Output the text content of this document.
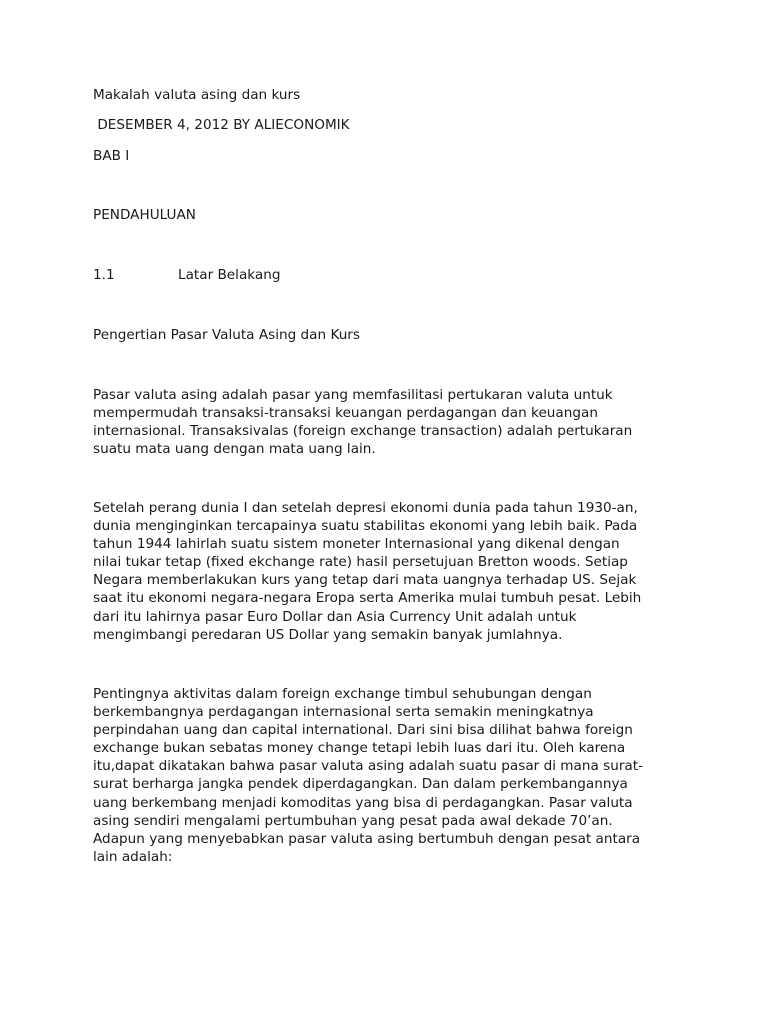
Makalah valuta asing dan kurs
DESEMBER 4, 2012 BY ALIECONOMIK
BAB I
PENDAHULUAN
1.1	Latar Belakang
Pengertian Pasar Valuta Asing dan Kurs
Pasar valuta asing adalah pasar yang memfasilitasi pertukaran valuta untuk
mempermudah transaksi-transaksi keuangan perdagangan dan keuangan
internasional. Transaksivalas (foreign exchange transaction) adalah pertukaran
suatu mata uang dengan mata uang lain.
Setelah perang dunia I dan setelah depresi ekonomi dunia pada tahun 1930-an,
dunia menginginkan tercapainya suatu stabilitas ekonomi yang lebih baik. Pada
tahun 1944 lahirlah suatu sistem moneter Internasional yang dikenal dengan
nilai tukar tetap (fixed ekchange rate) hasil persetujuan Bretton woods. Setiap
Negara memberlakukan kurs yang tetap dari mata uangnya terhadap US. Sejak
saat itu ekonomi negara-negara Eropa serta Amerika mulai tumbuh pesat. Lebih
dari itu lahirnya pasar Euro Dollar dan Asia Currency Unit adalah untuk
mengimbangi peredaran US Dollar yang semakin banyak jumlahnya.
Pentingnya aktivitas dalam foreign exchange timbul sehubungan dengan
berkembangnya perdagangan internasional serta semakin meningkatnya
perpindahan uang dan capital international. Dari sini bisa dilihat bahwa foreign
exchange bukan sebatas money change tetapi lebih luas dari itu. Oleh karena
itu,dapat dikatakan bahwa pasar valuta asing adalah suatu pasar di mana surat-
surat berharga jangka pendek diperdagangkan. Dan dalam perkembangannya
uang berkembang menjadi komoditas yang bisa di perdagangkan. Pasar valuta
asing sendiri mengalami pertumbuhan yang pesat pada awal dekade 70’an.
Adapun yang menyebabkan pasar valuta asing bertumbuh dengan pesat antara
lain adalah:
